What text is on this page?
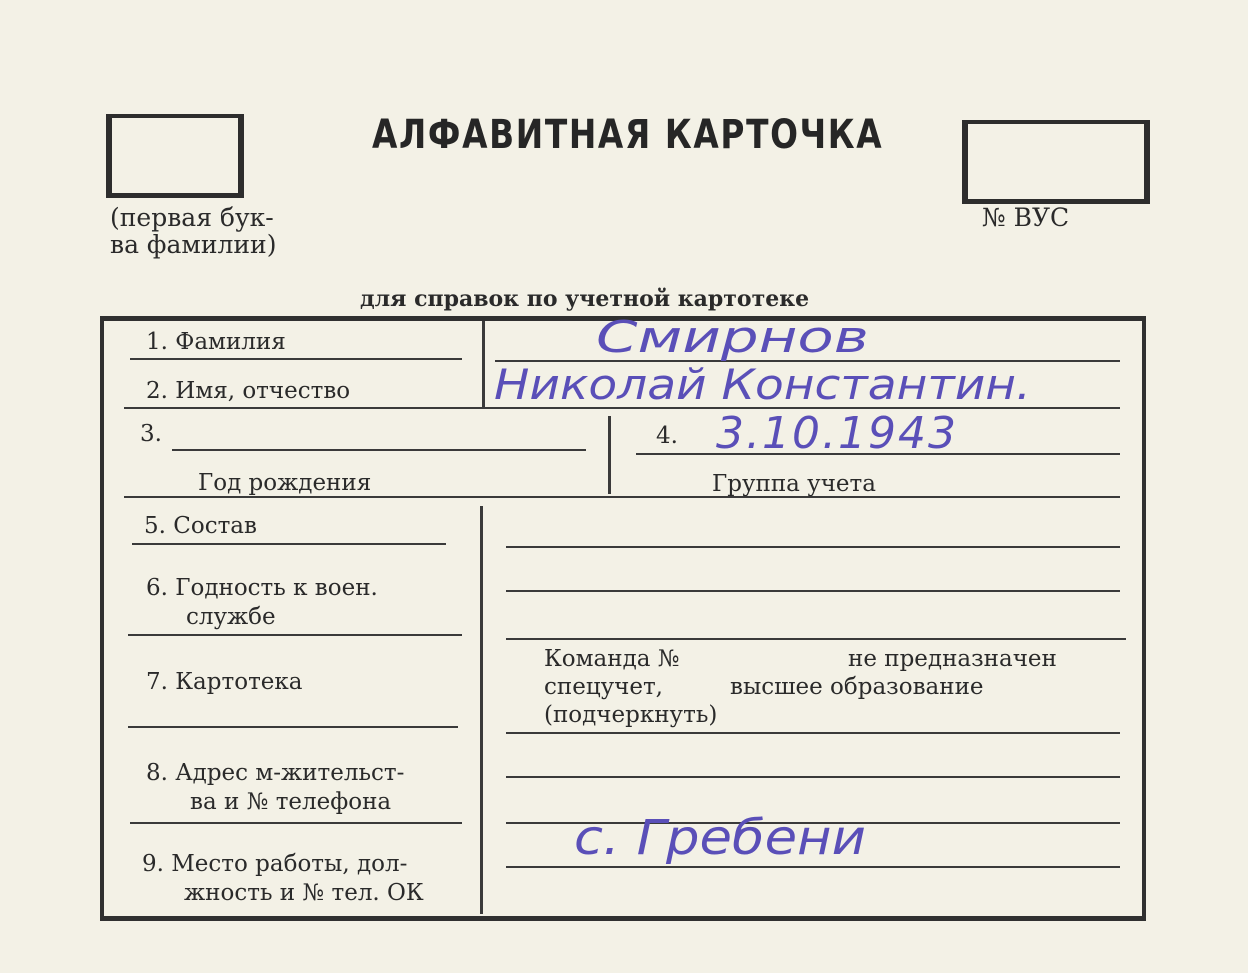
(первая бук-
ва фамилии)
АЛФАВИТНАЯ КАРТОЧКА
№ ВУС
для справок по учетной картотеке
1. Фамилия
2. Имя, отчество
3.
Год рождения
4.
Группа учета
5. Состав
6. Годность к воен.
службе
7. Картотека
8. Адрес м-жительст-
ва и № телефона
9. Место работы, дол-
жность и № тел. ОК
Команда №	не предназначен
спецучет,	высшее образование
(подчеркнуть)
Смирнов
Николай Константин.
3.10.1943
с. Гребени
